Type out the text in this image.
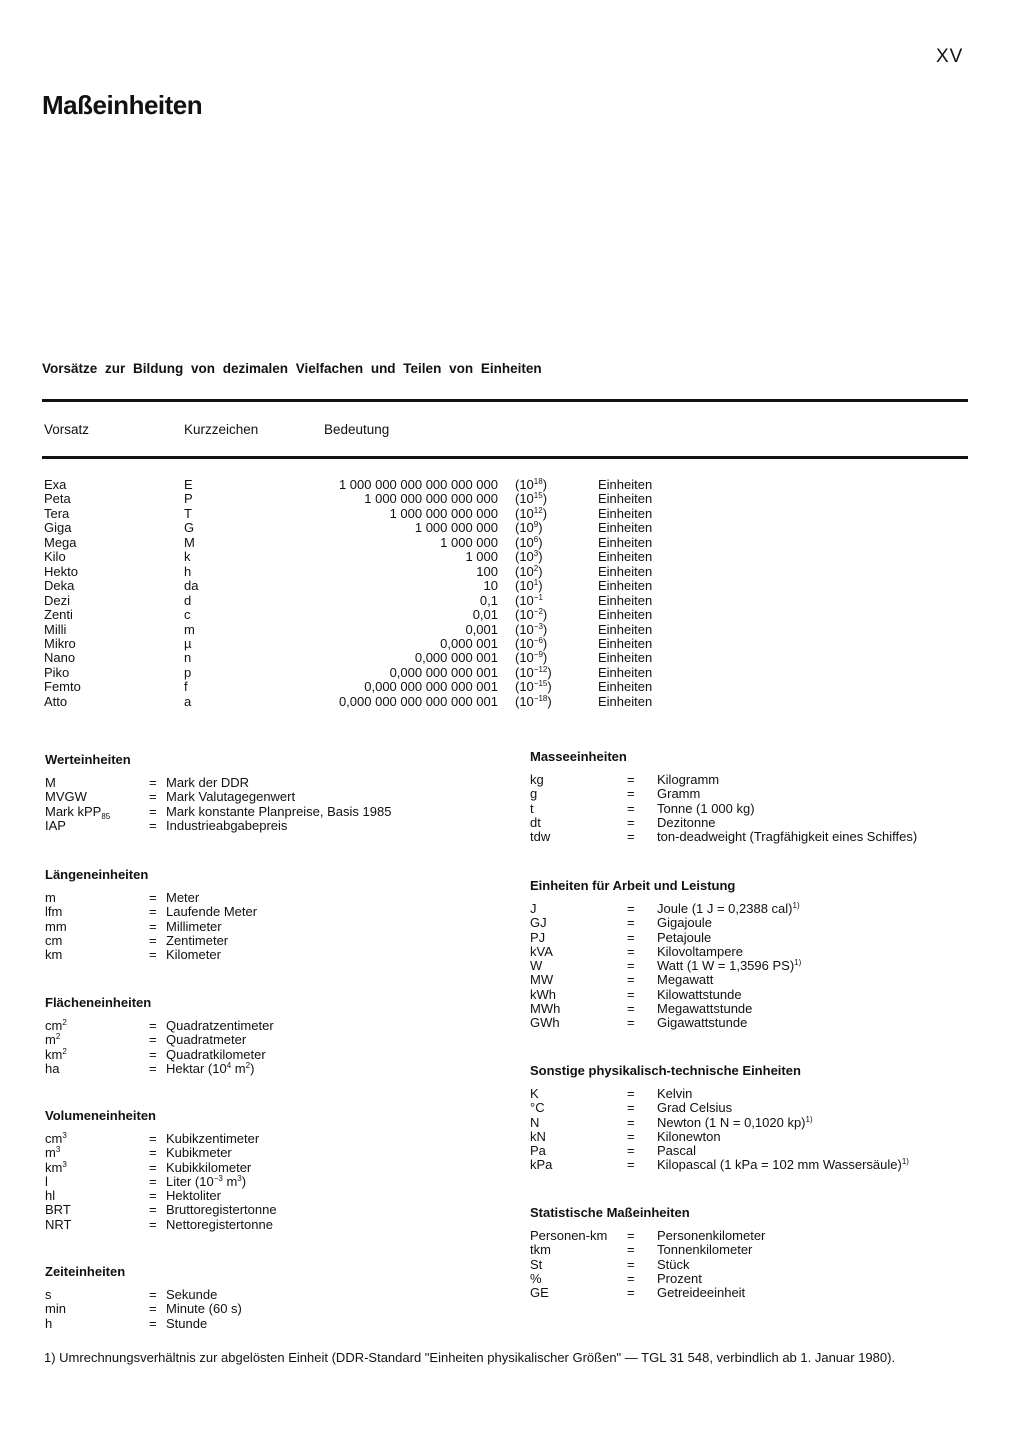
XV
Maßeinheiten
Vorsätze zur Bildung von dezimalen Vielfachen und Teilen von Einheiten
Vorsatz	Kurzzeichen	Bedeutung
Exa	E	1 000 000 000 000 000 000 $(10^{18})$	Einheiten
Peta	P	1 000 000 000 000 000 $(10^{15})$	Einheiten
Tera	T	1 000 000 000 000 $(10^{12})$	Einheiten
Giga	G	1 000 000 000 $(10^9)$	Einheiten
Mega	M	1 000 000 $(10^6)$	Einheiten
Kilo	k	1 000 $(10^3)$	Einheiten
Hekto	h	100 $(10^2)$	Einheiten
Deka	da	10 $(10^1)$	Einheiten
Dezi	d	0,1 ($10^{-1}$	Einheiten
Zenti	c	0,01 $(10^{-2})$	Einheiten
Milli	m	0,001 $(10^{-3})$	Einheiten
Mikro	µ	0,000 001 $(10^{-6})$	Einheiten
Nano	n	0,000 000 001 $(10^{-9})$	Einheiten
Piko	p	0,000 000 000 001 $(10^{-12})$	Einheiten
Femto	f	0,000 000 000 000 001 $(10^{-15})$	Einheiten
Atto	a	0,000 000 000 000 000 001 $(10^{-18})$	Einheiten
Werteinheiten
M	= Mark der DDR
MVGW	= Mark Valutagegenwert
Mark kPP$_{85}$	= Mark konstante Planpreise, Basis 1985
IAP	= Industrieabgabepreis
Längeneinheiten
m	= Meter
lfm	= Laufende Meter
mm	= Millimeter
cm	= Zentimeter
km	= Kilometer
Flächeneinheiten
$cm^2$	= Quadratzentimeter
$m^2$	= Quadratmeter
$km^2$	= Quadratkilometer
ha	= Hektar ($10^4$ $m^2$)
Volumeneinheiten
$cm^3$	= Kubikzentimeter
$m^3$	= Kubikmeter
$km^3$	= Kubikkilometer
l	= Liter ($10^{-3}$ $m^3$)
hl	= Hektoliter
BRT	= Bruttoregistertonne
NRT	= Nettoregistertonne
Zeiteinheiten
s	= Sekunde
min	= Minute (60 s)
h	= Stunde
Masseeinheiten
kg	= Kilogramm
g	= Gramm
t	= Tonne (1 000 kg)
dt	= Dezitonne
tdw	= ton-deadweight (Tragfähigkeit eines Schiffes)
Einheiten für Arbeit und Leistung
J	= Joule (1 J = 0,2388 cal)$^{1)}$
GJ	= Gigajoule
PJ	= Petajoule
kVA	= Kilovoltampere
W	= Watt (1 W = 1,3596 PS)$^{1)}$
MW	= Megawatt
kWh	= Kilowattstunde
MWh	= Megawattstunde
GWh	= Gigawattstunde
Sonstige physikalisch-technische Einheiten
K	= Kelvin
°C	= Grad Celsius
N	= Newton (1 N = 0,1020 kp)$^{1)}$
kN	= Kilonewton
Pa	= Pascal
kPa	= Kilopascal (1 kPa = 102 mm Wassersäule)$^{1)}$
Statistische Maßeinheiten
Personen-km = Personenkilometer
tkm	= Tonnenkilometer
St	= Stück
%	= Prozent
GE	= Getreideeinheit
1) Umrechnungsverhältnis zur abgelösten Einheit (DDR-Standard "Einheiten physikalischer Größen" — TGL 31 548, verbindlich ab 1. Januar 1980).
